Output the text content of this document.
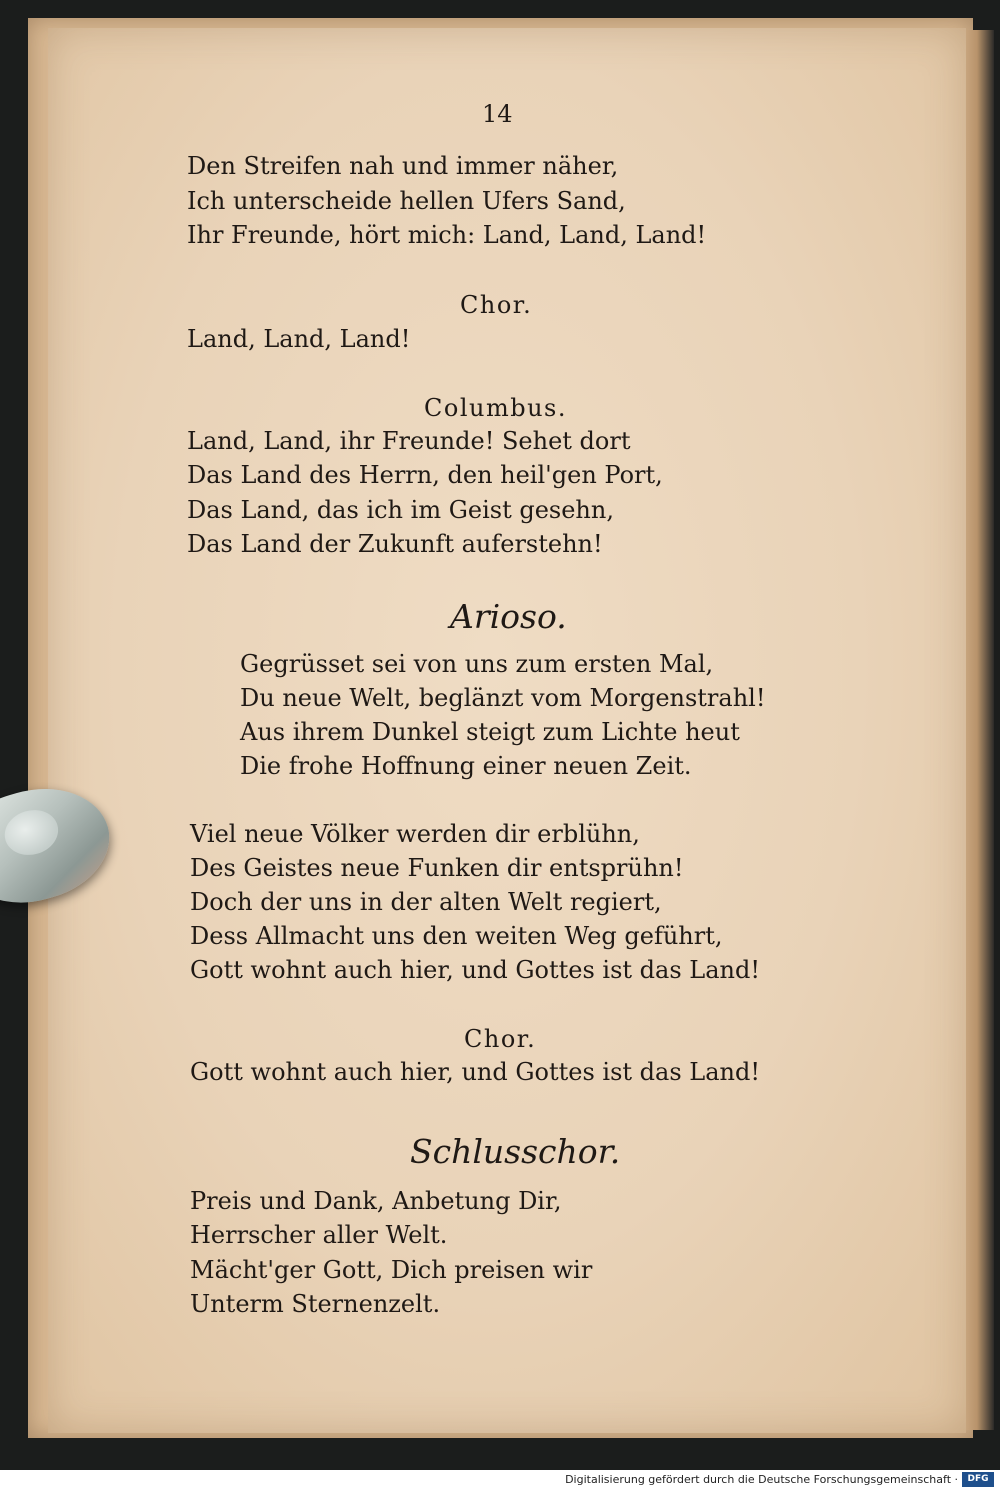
14
Den Streifen nah und immer näher,
Ich unterscheide hellen Ufers Sand,
Ihr Freunde, hört mich: Land, Land, Land!
Chor.
Land, Land, Land!
Columbus.
Land, Land, ihr Freunde! Sehet dort
Das Land des Herrn, den heil'gen Port,
Das Land, das ich im Geist gesehn,
Das Land der Zukunft auferstehn!
Arioso.
Gegrüsset sei von uns zum ersten Mal,
Du neue Welt, beglänzt vom Morgenstrahl!
Aus ihrem Dunkel steigt zum Lichte heut
Die frohe Hoffnung einer neuen Zeit.
Viel neue Völker werden dir erblühn,
Des Geistes neue Funken dir entsprühn!
Doch der uns in der alten Welt regiert,
Dess Allmacht uns den weiten Weg geführt,
Gott wohnt auch hier, und Gottes ist das Land!
Chor.
Gott wohnt auch hier, und Gottes ist das Land!
Schlusschor.
Preis und Dank, Anbetung Dir,
Herrscher aller Welt.
Mächt'ger Gott, Dich preisen wir
Unterm Sternenzelt.
Digitalisierung gefördert durch die Deutsche Forschungsgemeinschaft ·	DFG
